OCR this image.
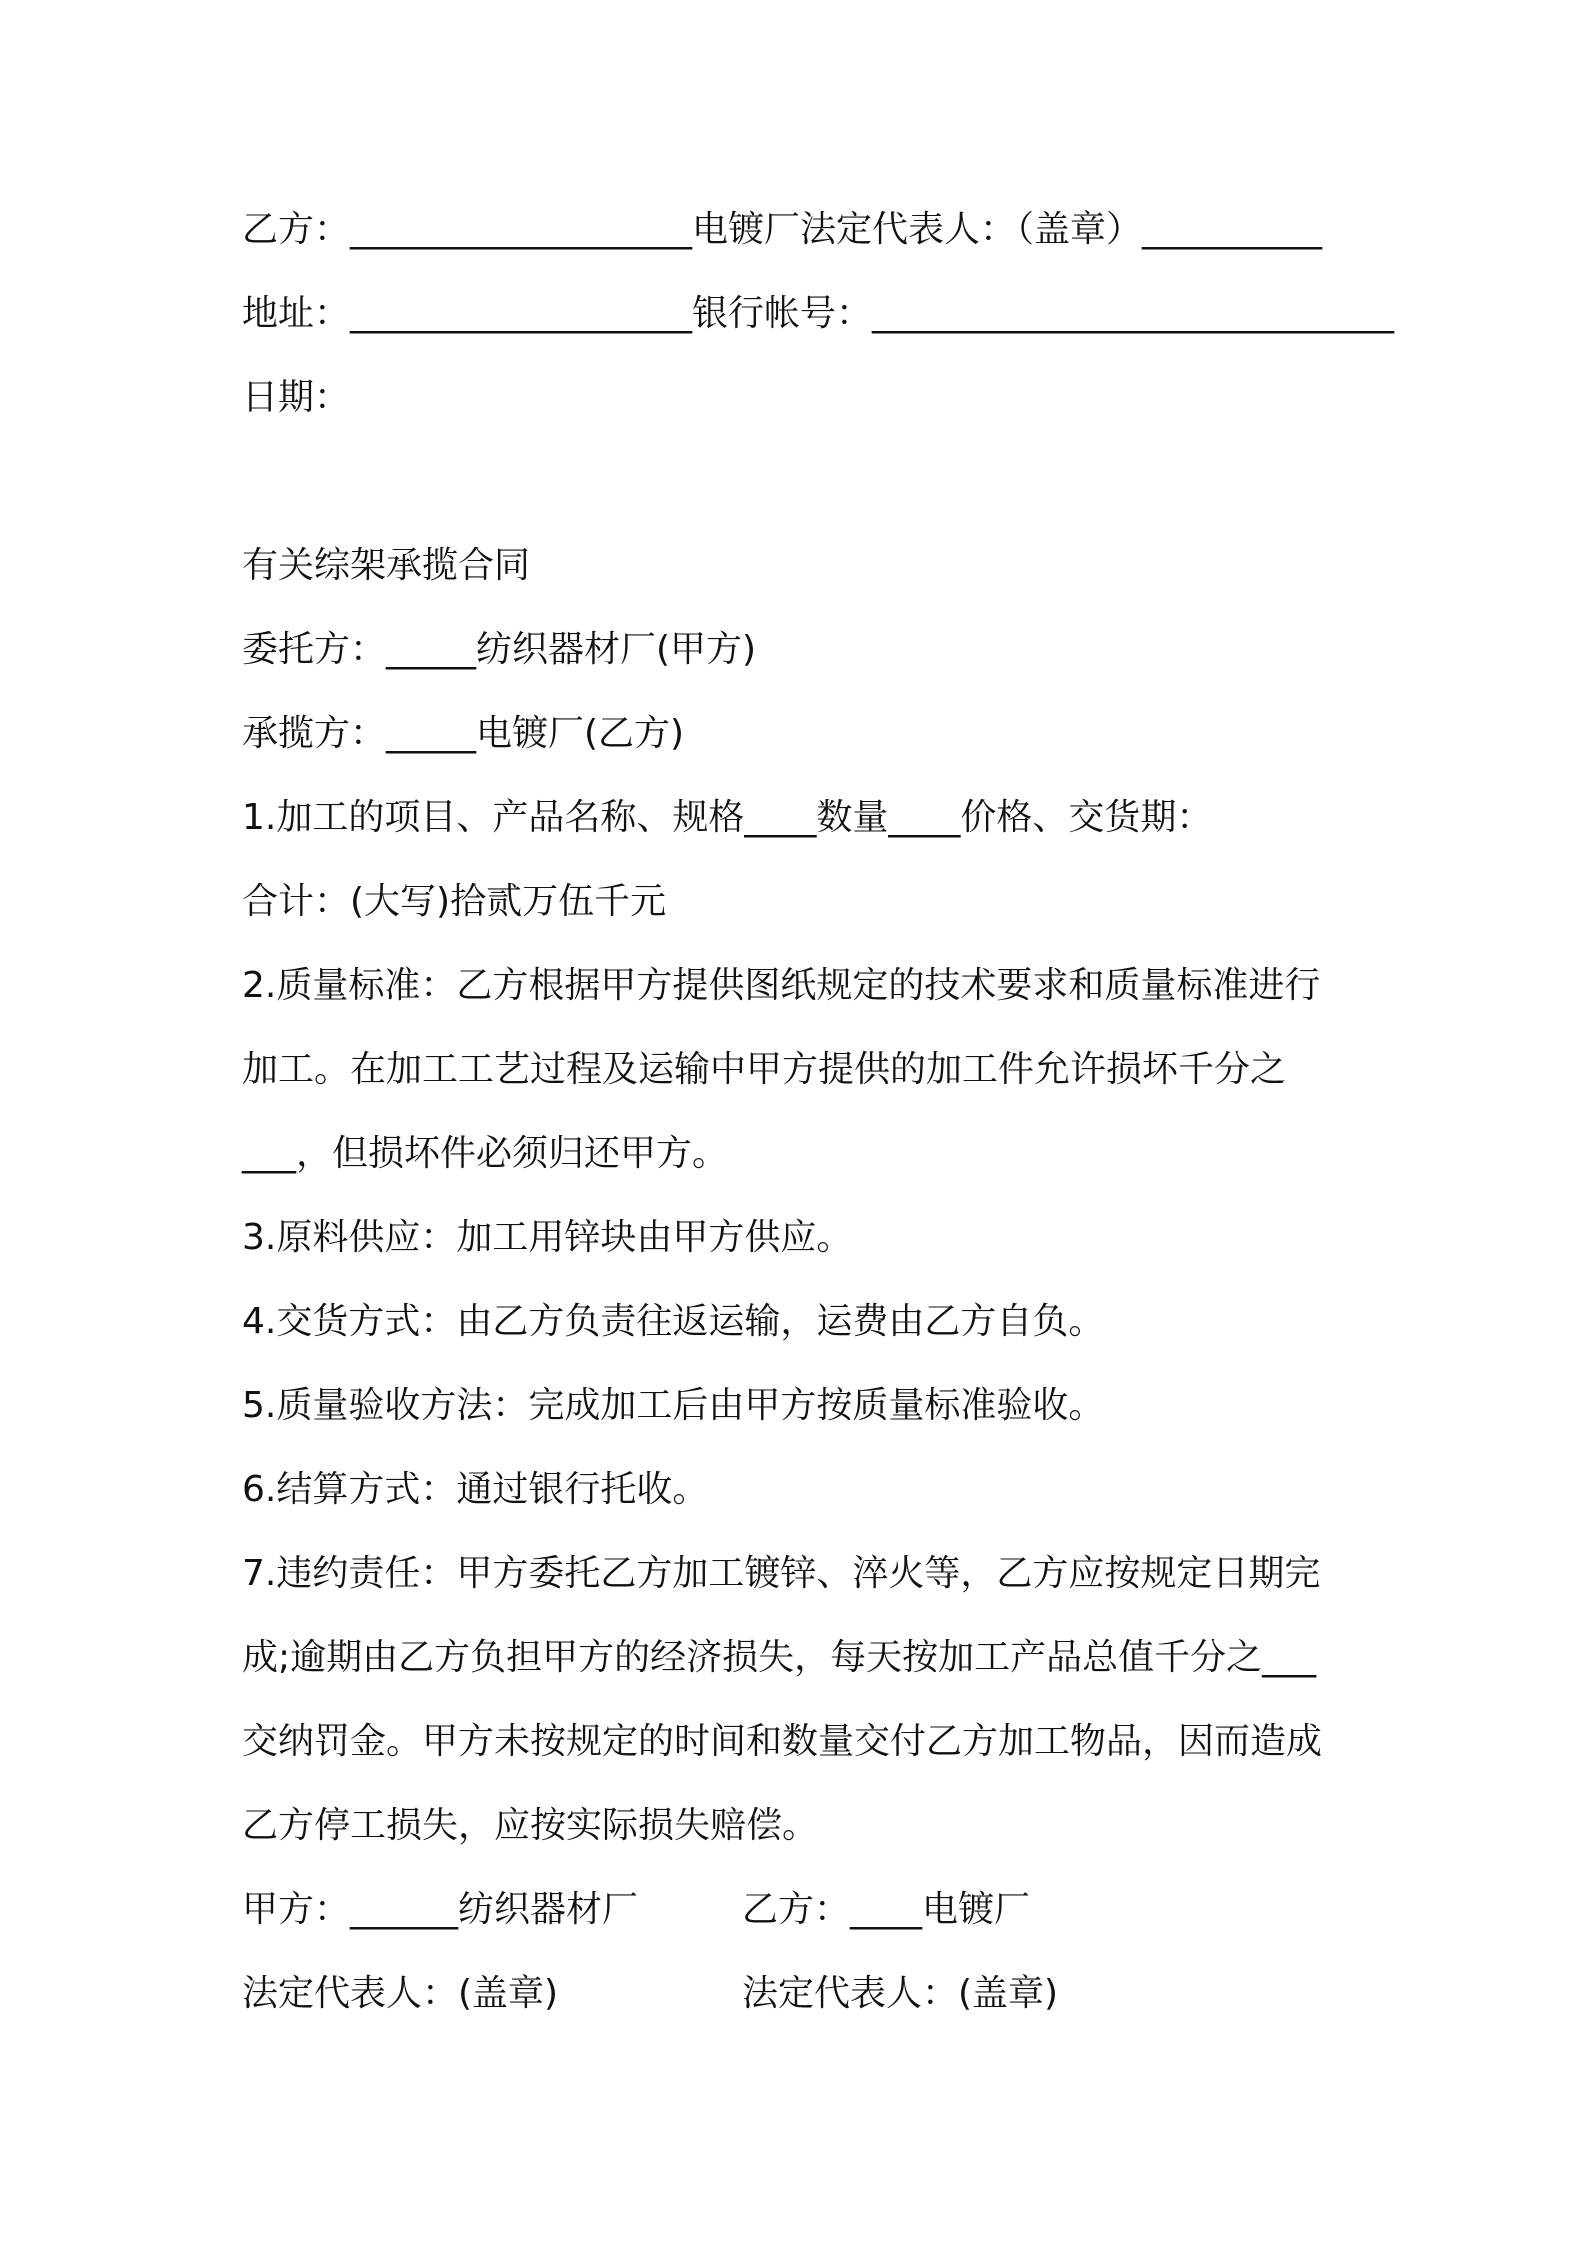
乙方：___________________电镀厂法定代表人：（盖章）__________
地址：___________________银行帐号：_____________________________
日期：
有关综架承揽合同
委托方：_____纺织器材厂(甲方)
承揽方：_____电镀厂(乙方)
1.加工的项目、产品名称、规格____数量____价格、交货期：
合计：(大写)拾贰万伍千元
2.质量标准：乙方根据甲方提供图纸规定的技术要求和质量标准进行
加工。在加工工艺过程及运输中甲方提供的加工件允许损坏千分之
___，但损坏件必须归还甲方。
3.原料供应：加工用锌块由甲方供应。
4.交货方式：由乙方负责往返运输，运费由乙方自负。
5.质量验收方法：完成加工后由甲方按质量标准验收。
6.结算方式：通过银行托收。
7.违约责任：甲方委托乙方加工镀锌、淬火等，乙方应按规定日期完
成;逾期由乙方负担甲方的经济损失，每天按加工产品总值千分之___
交纳罚金。甲方未按规定的时间和数量交付乙方加工物品，因而造成
乙方停工损失，应按实际损失赔偿。
甲方：______纺织器材厂	乙方：____电镀厂
法定代表人：(盖章)	法定代表人：(盖章)
